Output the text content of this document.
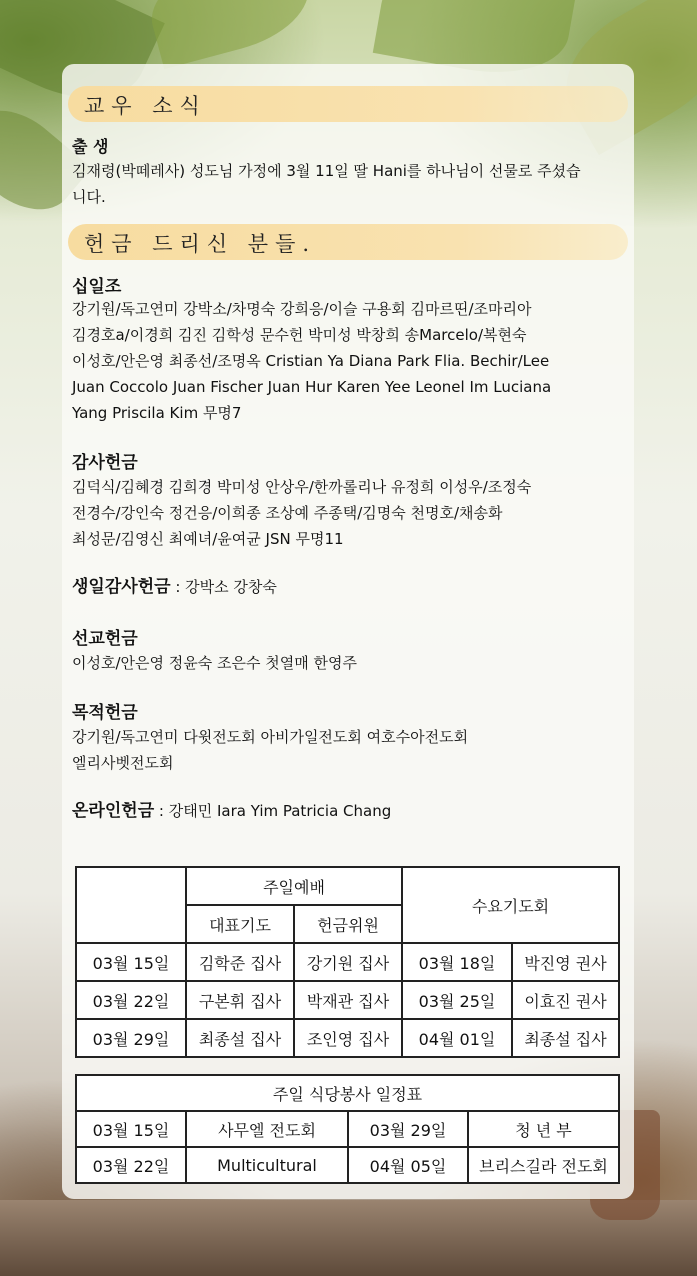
교우 소식
출 생
김재령(박떼레사) 성도님 가정에 3월 11일 딸 Hani를 하나님이 선물로 주셨습
니다.
헌금 드리신 분들.
십일조
강기원/독고연미 강박소/차명숙 강희응/이슬 구용회 김마르띤/조마리아
김경호a/이경희 김진 김학성 문수헌 박미성 박창희 송Marcelo/복현숙
이성호/안은영 최종선/조명옥 Cristian Ya Diana Park Flia. Bechir/Lee
Juan Coccolo Juan Fischer Juan Hur Karen Yee Leonel Im Luciana
Yang Priscila Kim 무명7
감사헌금
김덕식/김혜경 김희경 박미성 안상우/한까롤리나 유정희 이성우/조정숙
전경수/강인숙 정건응/이희종 조상예 주종택/김명숙 천명호/채송화
최성문/김영신 최예녀/윤여균 JSN 무명11
생일감사헌금 : 강박소 강창숙
선교헌금
이성호/안은영 정윤숙 조은수 첫열매 한영주
목적헌금
강기원/독고연미 다윗전도회 아비가일전도회 여호수아전도회
엘리사벳전도회
온라인헌금 : 강태민 Iara Yim Patricia Chang
	주일예배		수요기도회	
	대표기도	헌금위원		
03월 15일	김학준 집사	강기원 집사	03월 18일	박진영 권사
03월 22일	구본휘 집사	박재관 집사	03월 25일	이효진 권사
03월 29일	최종설 집사	조인영 집사	04월 01일	최종설 집사
주일 식당봉사 일정표			
03월 15일	사무엘 전도회	03월 29일	청 년 부
03월 22일	Multicultural	04월 05일	브리스길라 전도회
